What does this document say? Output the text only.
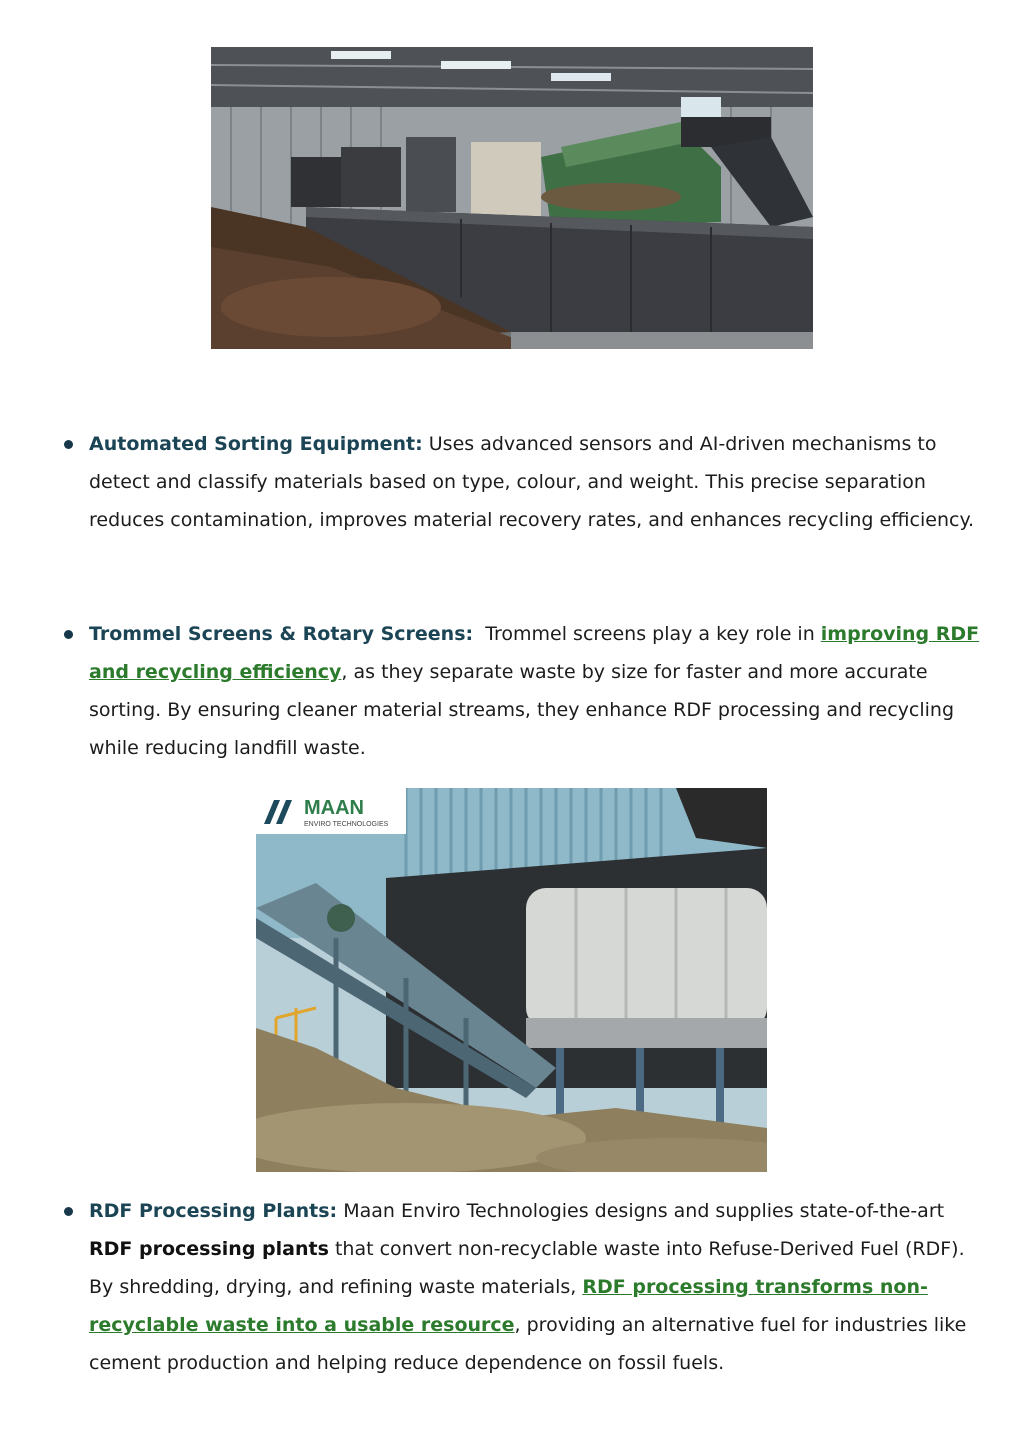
Automated Sorting Equipment: Uses advanced sensors and AI-driven mechanisms to detect and classify materials based on type, colour, and weight. This precise separation reduces contamination, improves material recovery rates, and enhances recycling efficiency.
Trommel Screens & Rotary Screens:  Trommel screens play a key role in improving RDF and recycling efficiency, as they separate waste by size for faster and more accurate sorting. By ensuring cleaner material streams, they enhance RDF processing and recycling while reducing landfill waste.
MAAN
ENVIRO TECHNOLOGIES
RDF Processing Plants: Maan Enviro Technologies designs and supplies state-of-the-art RDF processing plants that convert non-recyclable waste into Refuse-Derived Fuel (RDF). By shredding, drying, and refining waste materials, RDF processing transforms non-recyclable waste into a usable resource, providing an alternative fuel for industries like cement production and helping reduce dependence on fossil fuels.
